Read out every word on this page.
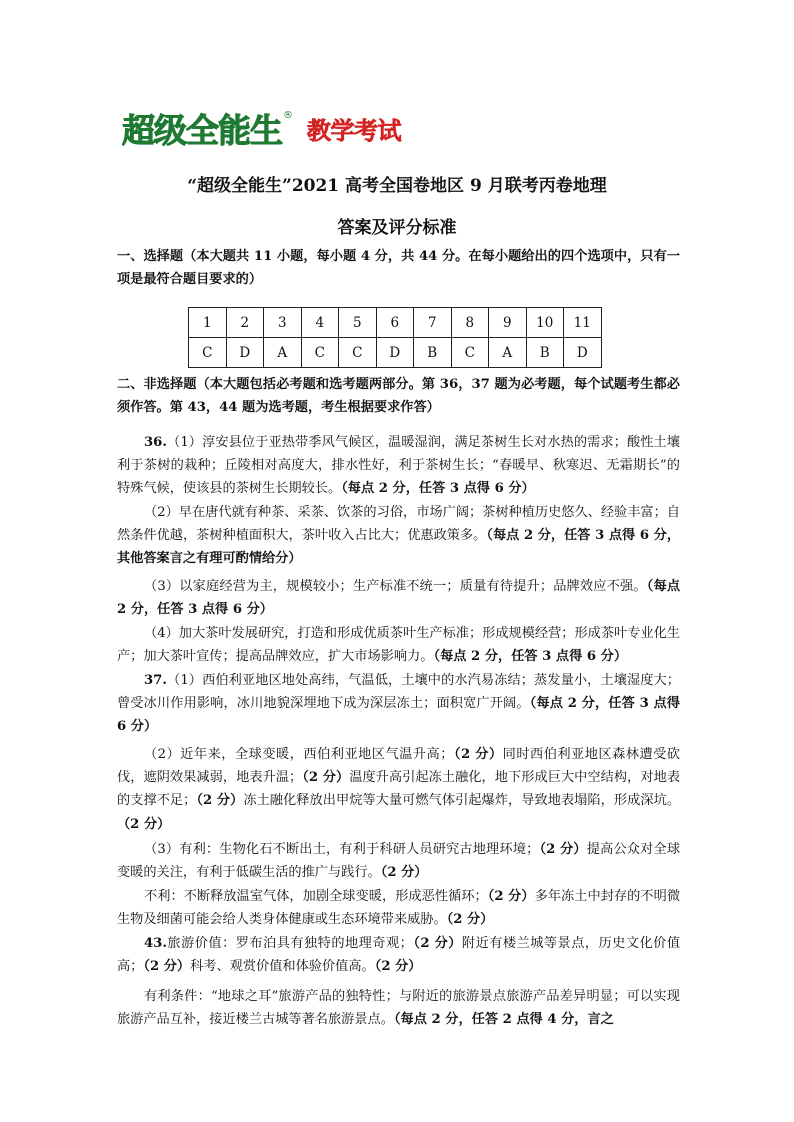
超级全能生 ®
教学考试
“超级全能生”2021 高考全国卷地区 9 月联考丙卷地理
答案及评分标准

一、选择题（本大题共 11 小题，每小题 4 分，共 44 分。在每小题给出的四个选项中，只有一项是最符合题目要求的）

1	2	3	4	5	6	7	8	9	10	11
C	D	A	C	C	D	B	C	A	B	D

二、非选择题（本大题包括必考题和选考题两部分。第 36，37 题为必考题，每个试题考生都必须作答。第 43，44 题为选考题，考生根据要求作答）

36.（1）淳安县位于亚热带季风气候区，温暖湿润，满足茶树生长对水热的需求；酸性土壤利于茶树的栽种；丘陵相对高度大，排水性好，利于茶树生长；“春暖早、秋寒迟、无霜期长”的特殊气候，使该县的茶树生长期较长。（每点 2 分，任答 3 点得 6 分）

（2）早在唐代就有种茶、采茶、饮茶的习俗，市场广阔；茶树种植历史悠久、经验丰富；自然条件优越，茶树种植面积大，茶叶收入占比大；优惠政策多。（每点 2 分，任答 3 点得 6 分，其他答案言之有理可酌情给分）

（3）以家庭经营为主，规模较小；生产标准不统一；质量有待提升；品牌效应不强。（每点 2 分，任答 3 点得 6 分）

（4）加大茶叶发展研究，打造和形成优质茶叶生产标准；形成规模经营；形成茶叶专业化生产；加大茶叶宣传；提高品牌效应，扩大市场影响力。（每点 2 分，任答 3 点得 6 分）

37.（1）西伯利亚地区地处高纬，气温低，土壤中的水汽易冻结；蒸发量小，土壤湿度大；曾受冰川作用影响，冰川地貌深埋地下成为深层冻土；面积宽广开阔。（每点 2 分，任答 3 点得 6 分）

（2）近年来，全球变暖，西伯利亚地区气温升高；（2 分）同时西伯利亚地区森林遭受砍伐，遮阴效果减弱，地表升温；（2 分）温度升高引起冻土融化，地下形成巨大中空结构，对地表的支撑不足；（2 分）冻土融化释放出甲烷等大量可燃气体引起爆炸，导致地表塌陷，形成深坑。（2 分）

（3）有利：生物化石不断出土，有利于科研人员研究古地理环境；（2 分）提高公众对全球变暖的关注，有利于低碳生活的推广与践行。（2 分）

不利：不断释放温室气体，加剧全球变暖，形成恶性循环；（2 分）多年冻土中封存的不明微生物及细菌可能会给人类身体健康或生态环境带来威胁。（2 分）

43.旅游价值：罗布泊具有独特的地理奇观；（2 分）附近有楼兰城等景点，历史文化价值高；（2 分）科考、观赏价值和体验价值高。（2 分）

有利条件：“地球之耳”旅游产品的独特性；与附近的旅游景点旅游产品差异明显；可以实现旅游产品互补，接近楼兰古城等著名旅游景点。（每点 2 分，任答 2 点得 4 分，言之
